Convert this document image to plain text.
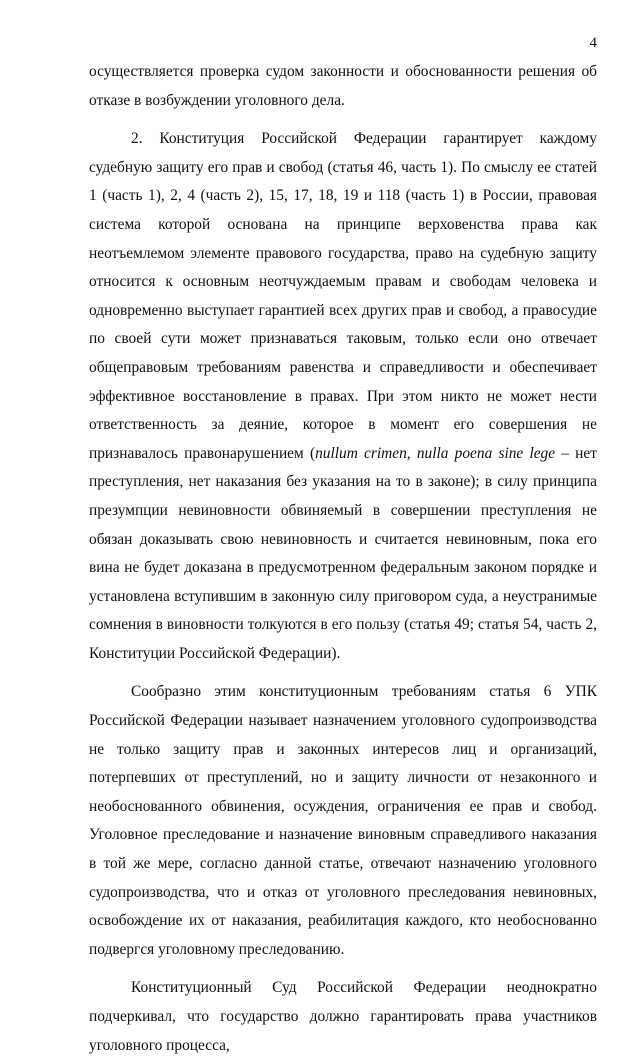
4

осуществляется проверка судом законности и обоснованности решения об отказе в возбуждении уголовного дела.

2. Конституция Российской Федерации гарантирует каждому судебную защиту его прав и свобод (статья 46, часть 1). По смыслу ее статей 1 (часть 1), 2, 4 (часть 2), 15, 17, 18, 19 и 118 (часть 1) в России, правовая система которой основана на принципе верховенства права как неотъемлемом элементе правового государства, право на судебную защиту относится к основным неотчуждаемым правам и свободам человека и одновременно выступает гарантией всех других прав и свобод, а правосудие по своей сути может признаваться таковым, только если оно отвечает общеправовым требованиям равенства и справедливости и обеспечивает эффективное восстановление в правах. При этом никто не может нести ответственность за деяние, которое в момент его совершения не признавалось правонарушением (nullum crimen, nulla poena sine lege – нет преступления, нет наказания без указания на то в законе); в силу принципа презумпции невиновности обвиняемый в совершении преступления не обязан доказывать свою невиновность и считается невиновным, пока его вина не будет доказана в предусмотренном федеральным законом порядке и установлена вступившим в законную силу приговором суда, а неустранимые сомнения в виновности толкуются в его пользу (статья 49; статья 54, часть 2, Конституции Российской Федерации).

Сообразно этим конституционным требованиям статья 6 УПК Российской Федерации называет назначением уголовного судопроизводства не только защиту прав и законных интересов лиц и организаций, потерпевших от преступлений, но и защиту личности от незаконного и необоснованного обвинения, осуждения, ограничения ее прав и свобод. Уголовное преследование и назначение виновным справедливого наказания в той же мере, согласно данной статье, отвечают назначению уголовного судопроизводства, что и отказ от уголовного преследования невиновных, освобождение их от наказания, реабилитация каждого, кто необоснованно подвергся уголовному преследованию.

Конституционный Суд Российской Федерации неоднократно подчеркивал, что государство должно гарантировать права участников уголовного процесса,
